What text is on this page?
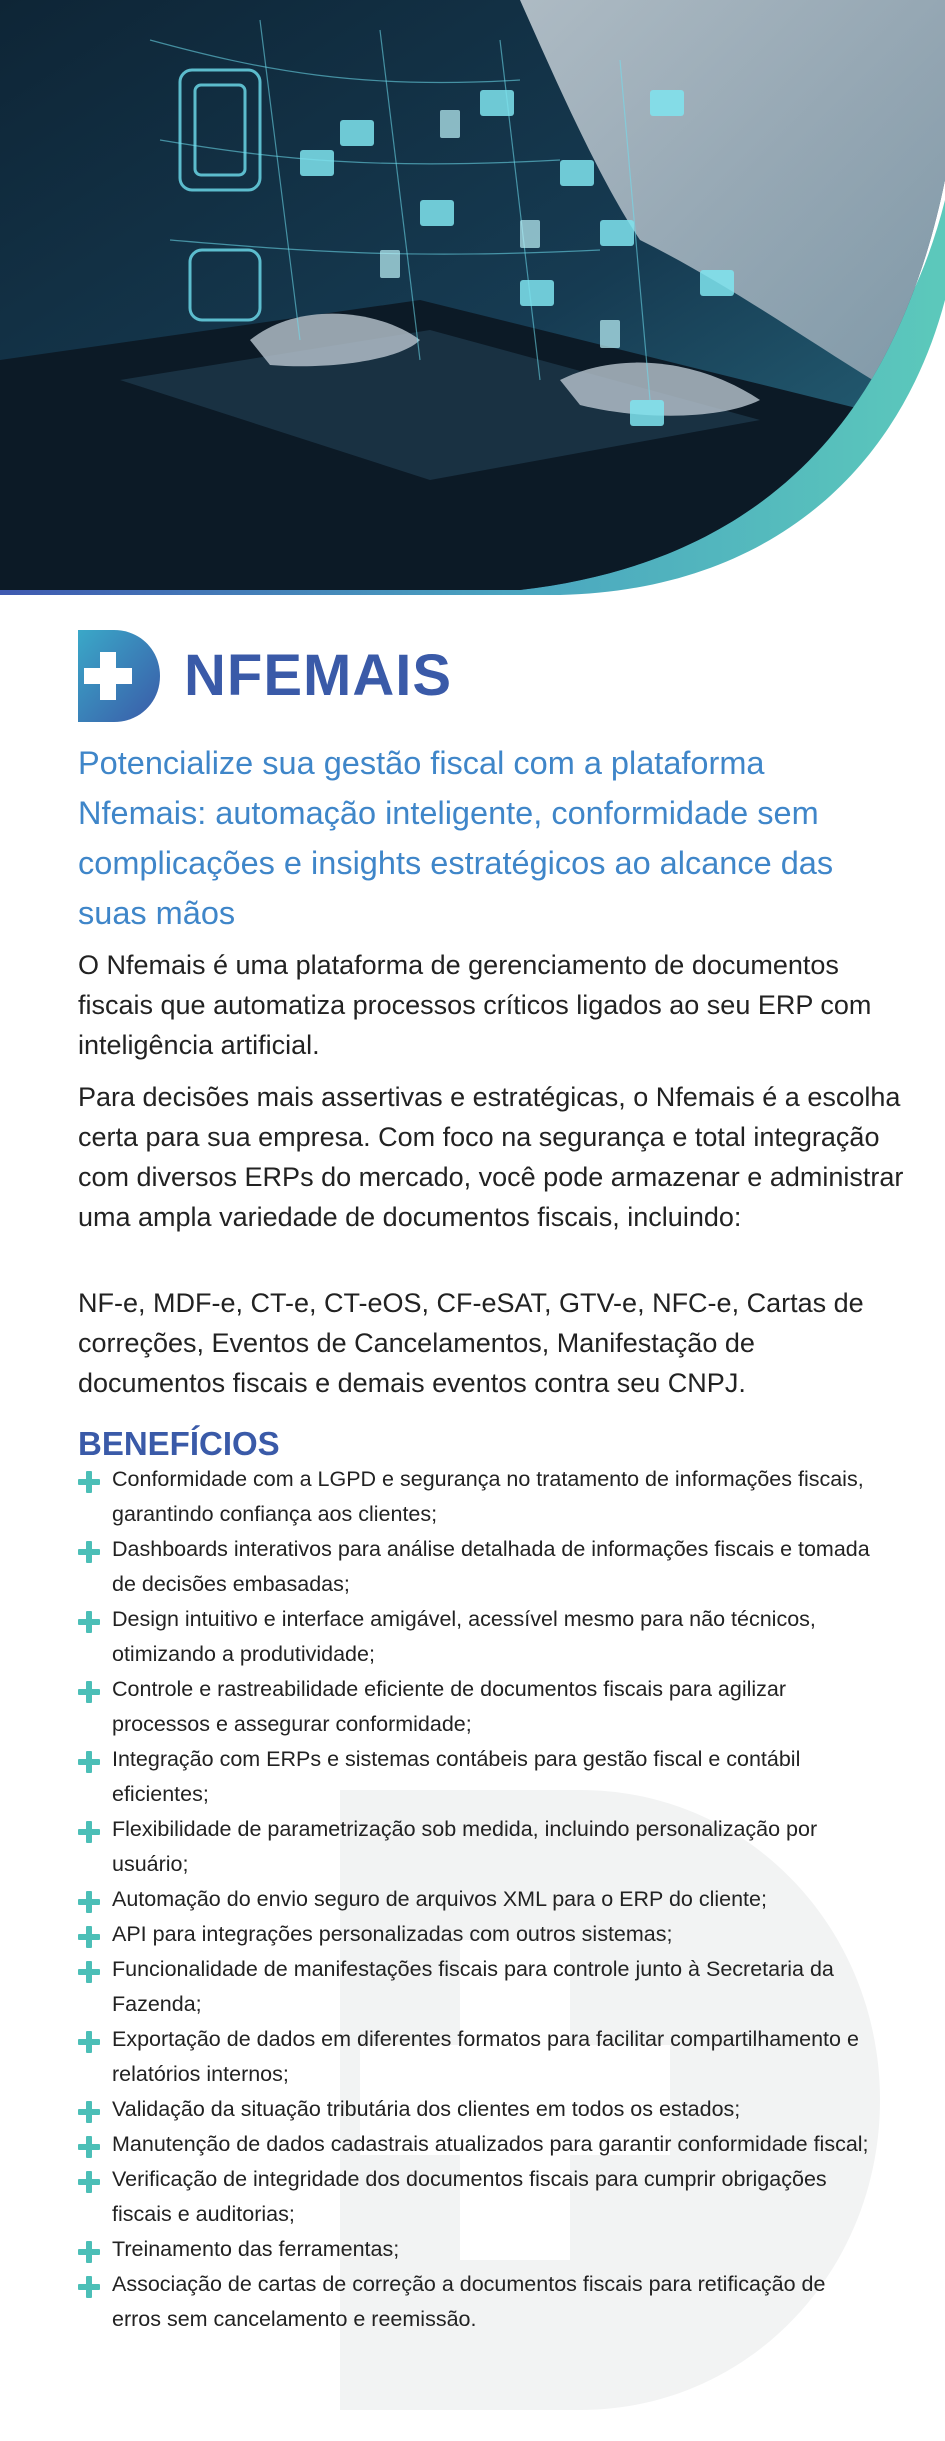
NFEMAIS
Potencialize sua gestão fiscal com a plataforma Nfemais: automação inteligente, conformidade sem complicações e insights estratégicos ao alcance das suas mãos

O Nfemais é uma plataforma de gerenciamento de documentos fiscais que automatiza processos críticos ligados ao seu ERP com inteligência artificial.

Para decisões mais assertivas e estratégicas, o Nfemais é a escolha certa para sua empresa. Com foco na segurança e total integração com diversos ERPs do mercado, você pode armazenar e administrar uma ampla variedade de documentos fiscais, incluindo:

NF-e, MDF-e, CT-e, CT-eOS, CF-eSAT, GTV-e, NFC-e, Cartas de correções, Eventos de Cancelamentos, Manifestação de documentos fiscais e demais eventos contra seu CNPJ.

BENEFÍCIOS
Conformidade com a LGPD e segurança no tratamento de informações fiscais, garantindo confiança aos clientes;
Dashboards interativos para análise detalhada de informações fiscais e tomada de decisões embasadas;
Design intuitivo e interface amigável, acessível mesmo para não técnicos, otimizando a produtividade;
Controle e rastreabilidade eficiente de documentos fiscais para agilizar processos e assegurar conformidade;
Integração com ERPs e sistemas contábeis para gestão fiscal e contábil eficientes;
Flexibilidade de parametrização sob medida, incluindo personalização por usuário;
Automação do envio seguro de arquivos XML para o ERP do cliente;
API para integrações personalizadas com outros sistemas;
Funcionalidade de manifestações fiscais para controle junto à Secretaria da Fazenda;
Exportação de dados em diferentes formatos para facilitar compartilhamento e relatórios internos;
Validação da situação tributária dos clientes em todos os estados;
Manutenção de dados cadastrais atualizados para garantir conformidade fiscal;
Verificação de integridade dos documentos fiscais para cumprir obrigações fiscais e auditorias;
Treinamento das ferramentas;
Associação de cartas de correção a documentos fiscais para retificação de erros sem cancelamento e reemissão.
